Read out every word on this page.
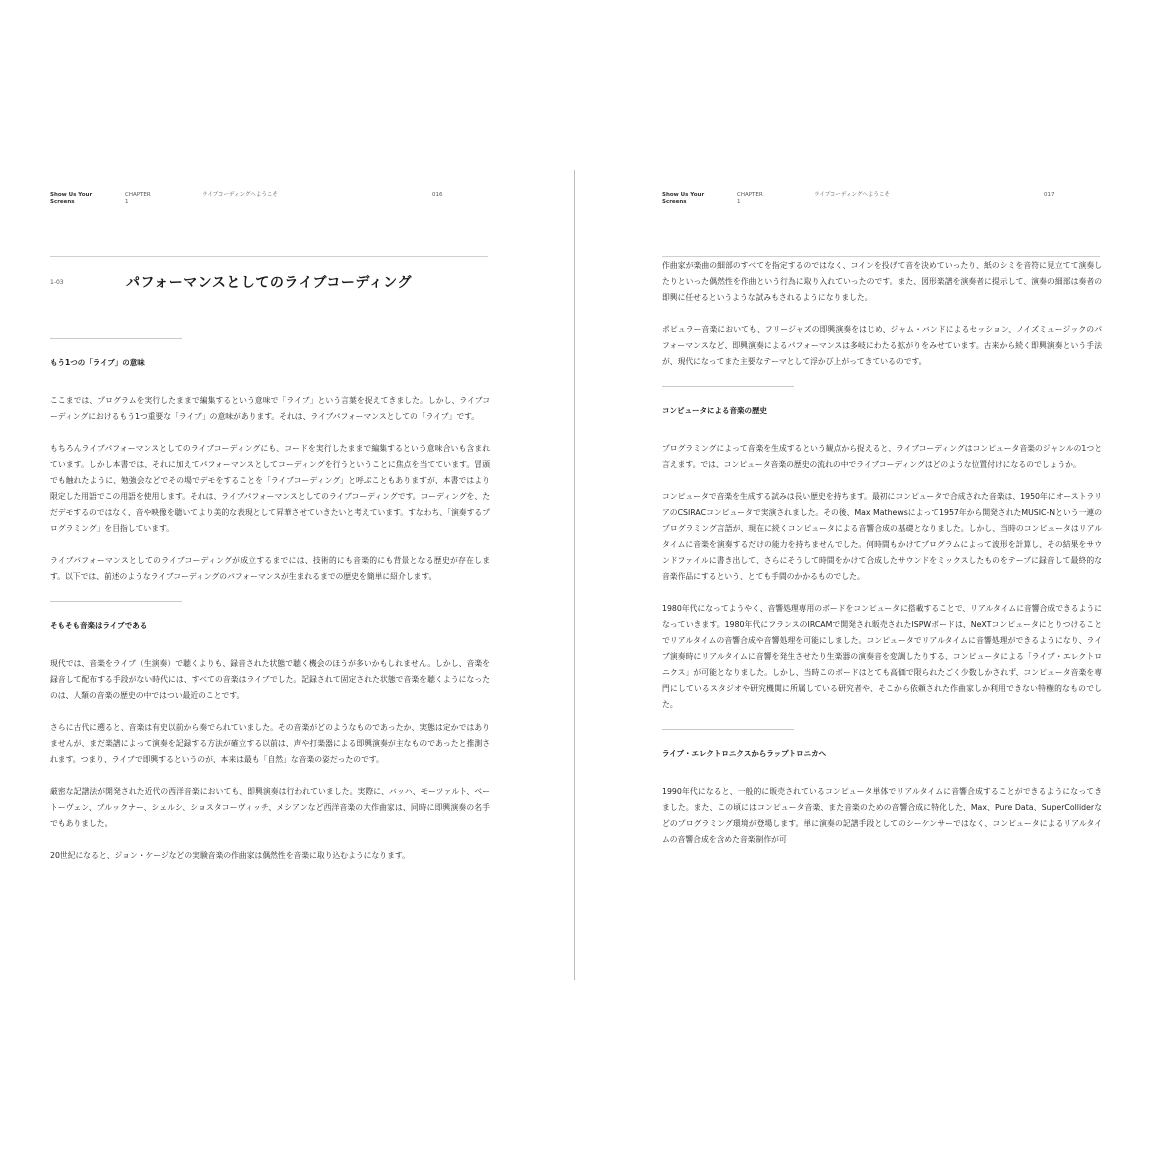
Show Us Your
Screens
CHAPTER
1
ライブコーディングへようこそ	016
1-03	パフォーマンスとしてのライブコーディング
もう1つの「ライブ」の意味

ここまでは、プログラムを実行したままで編集するという意味で「ライブ」という言葉を捉えてきました。しかし、ライブコーディングにおけるもう1つ重要な「ライブ」の意味があります。それは、ライブパフォーマンスとしての「ライブ」です。

もちろんライブパフォーマンスとしてのライブコーディングにも、コードを実行したままで編集するという意味合いも含まれています。しかし本書では、それに加えてパフォーマンスとしてコーディングを行うということに焦点を当てています。冒頭でも触れたように、勉強会などでその場でデモをすることを「ライブコーディング」と呼ぶこともありますが、本書ではより限定した用語でこの用語を使用します。それは、ライブパフォーマンスとしてのライブコーディングです。コーディングを、ただデモするのではなく、音や映像を聴いてより美的な表現として昇華させていきたいと考えています。すなわち、「演奏するプログラミング」を目指しています。

ライブパフォーマンスとしてのライブコーディングが成立するまでには、技術的にも音楽的にも背景となる歴史が存在します。以下では、前述のようなライブコーディングのパフォーマンスが生まれるまでの歴史を簡単に紹介します。

そもそも音楽はライブである

現代では、音楽をライブ（生演奏）で聴くよりも、録音された状態で聴く機会のほうが多いかもしれません。しかし、音楽を録音して配布する手段がない時代には、すべての音楽はライブでした。記録されて固定された状態で音楽を聴くようになったのは、人類の音楽の歴史の中ではつい最近のことです。

さらに古代に遡ると、音楽は有史以前から奏でられていました。その音楽がどのようなものであったか、実態は定かではありませんが、まだ楽譜によって演奏を記録する方法が確立する以前は、声や打楽器による即興演奏が主なものであったと推測されます。つまり、ライブで即興するというのが、本来は最も「自然」な音楽の姿だったのです。

厳密な記譜法が開発された近代の西洋音楽においても、即興演奏は行われていました。実際に、バッハ、モーツァルト、ベートーヴェン、ブルックナー、シェルシ、ショスタコーヴィッチ、メシアンなど西洋音楽の大作曲家は、同時に即興演奏の名手でもありました。

20世紀になると、ジョン・ケージなどの実験音楽の作曲家は偶然性を音楽に取り込むようになります。

Show Us Your
Screens
CHAPTER
1
ライブコーディングへようこそ	017

作曲家が楽曲の細部のすべてを指定するのではなく、コインを投げて音を決めていったり、紙のシミを音符に見立てて演奏したりといった偶然性を作曲という行為に取り入れていったのです。また、図形楽譜を演奏者に提示して、演奏の細部は奏者の即興に任せるというような試みもされるようになりました。

ポピュラー音楽においても、フリージャズの即興演奏をはじめ、ジャム・バンドによるセッション、ノイズミュージックのパフォーマンスなど、即興演奏によるパフォーマンスは多岐にわたる拡がりをみせています。古来から続く即興演奏という手法が、現代になってまた主要なテーマとして浮かび上がってきているのです。

コンピュータによる音楽の歴史

プログラミングによって音楽を生成するという観点から捉えると、ライブコーディングはコンピュータ音楽のジャンルの1つと言えます。では、コンピュータ音楽の歴史の流れの中でライブコーディングはどのような位置付けになるのでしょうか。

コンピュータで音楽を生成する試みは長い歴史を持ちます。最初にコンピュータで合成された音楽は、1950年にオーストラリアのCSIRACコンピュータで実演されました。その後、Max Mathewsによって1957年から開発されたMUSIC-Nという一連のプログラミング言語が、現在に続くコンピュータによる音響合成の基礎となりました。しかし、当時のコンピュータはリアルタイムに音楽を演奏するだけの能力を持ちませんでした。何時間もかけてプログラムによって波形を計算し、その結果をサウンドファイルに書き出して、さらにそうして時間をかけて合成したサウンドをミックスしたものをテープに録音して最終的な音楽作品にするという、とても手間のかかるものでした。

1980年代になってようやく、音響処理専用のボードをコンピュータに搭載することで、リアルタイムに音響合成できるようになっていきます。1980年代にフランスのIRCAMで開発され販売されたISPWボードは、NeXTコンピュータにとりつけることでリアルタイムの音響合成や音響処理を可能にしました。コンピュータでリアルタイムに音響処理ができるようになり、ライブ演奏時にリアルタイムに音響を発生させたり生楽器の演奏音を変調したりする、コンピュータによる「ライブ・エレクトロニクス」が可能となりました。しかし、当時このボードはとても高価で限られたごく少数しかされず、コンピュータ音楽を専門にしているスタジオや研究機関に所属している研究者や、そこから依頼された作曲家しか利用できない特権的なものでした。

ライブ・エレクトロニクスからラップトロニカへ

1990年代になると、一般的に販売されているコンピュータ単体でリアルタイムに音響合成することができるようになってきました。また、この頃にはコンピュータ音楽、また音楽のための音響合成に特化した、Max、Pure Data、SuperColliderなどのプログラミング環境が登場します。単に演奏の記譜手段としてのシーケンサーではなく、コンピュータによるリアルタイムの音響合成を含めた音楽制作が可
